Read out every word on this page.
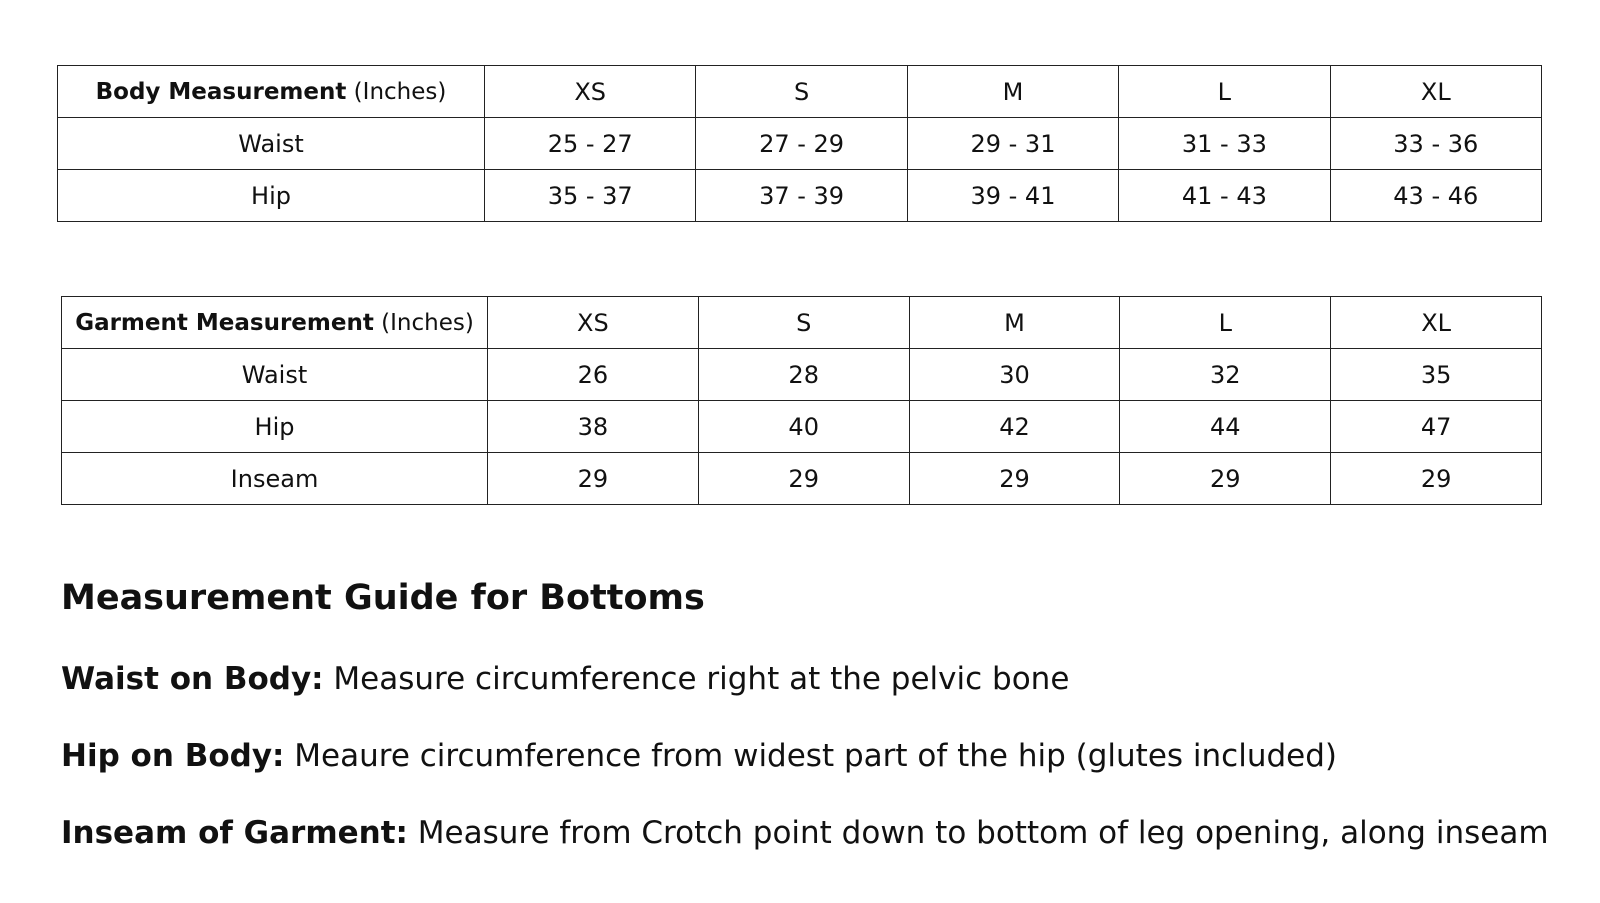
Body Measurement (Inches)	XS	S	M	L	XL
Waist	25 - 27	27 - 29	29 - 31	31 - 33	33 - 36
Hip	35 - 37	37 - 39	39 - 41	41 - 43	43 - 46
Garment Measurement (Inches)	XS	S	M	L	XL
Waist	26	28	30	32	35
Hip	38	40	42	44	47
Inseam	29	29	29	29	29
Measurement Guide for Bottoms

Waist on Body: Measure circumference right at the pelvic bone

Hip on Body: Meaure circumference from widest part of the hip (glutes included)

Inseam of Garment: Measure from Crotch point down to bottom of leg opening, along inseam
